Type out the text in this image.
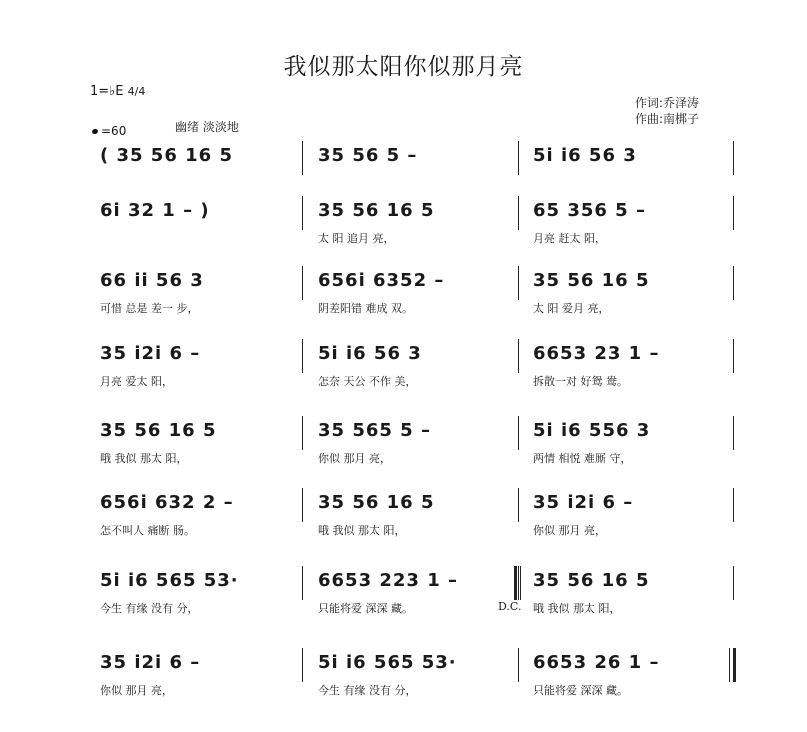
我似那太阳你似那月亮
1=♭E 4/4
=60	幽绪 淡淡地
作词:乔泽涛
作曲:南梆子
( 35 56 16 5	35 56 5 –	5i i6 56 3
6i 32 1 – )	35 56 16 5
太 阳 追月 亮，
65 356 5 –
月亮 赶太 阳，
66 ii 56 3
可惜 总是 差一 步，
656i 6352 –
阴差阳错 难成 双。
35 56 16 5
太 阳 爱月 亮，
35 i2i 6 –
月亮 爱太 阳，
5i i6 56 3
怎奈 天公 不作 美，
6653 23 1 –
拆散一对 好鸳 鸯。
35 56 16 5
哦 我似 那太 阳，
35 565 5 –
你似 那月 亮，
5i i6 556 3
两情 相悦 难厮 守，
656i 632 2 –
怎不叫人 痛断 肠。
35 56 16 5
哦 我似 那太 阳，
35 i2i 6 –
你似 那月 亮，
5i i6 565 53·
今生 有缘 没有 分，
6653 223 1 –
只能将爱 深深 藏。
35 56 16 5
哦 我似 那太 阳，
D.C.
35 i2i 6 –
你似 那月 亮，
5i i6 565 53·
今生 有缘 没有 分，
6653 26 1 –
只能将爱 深深 藏。
